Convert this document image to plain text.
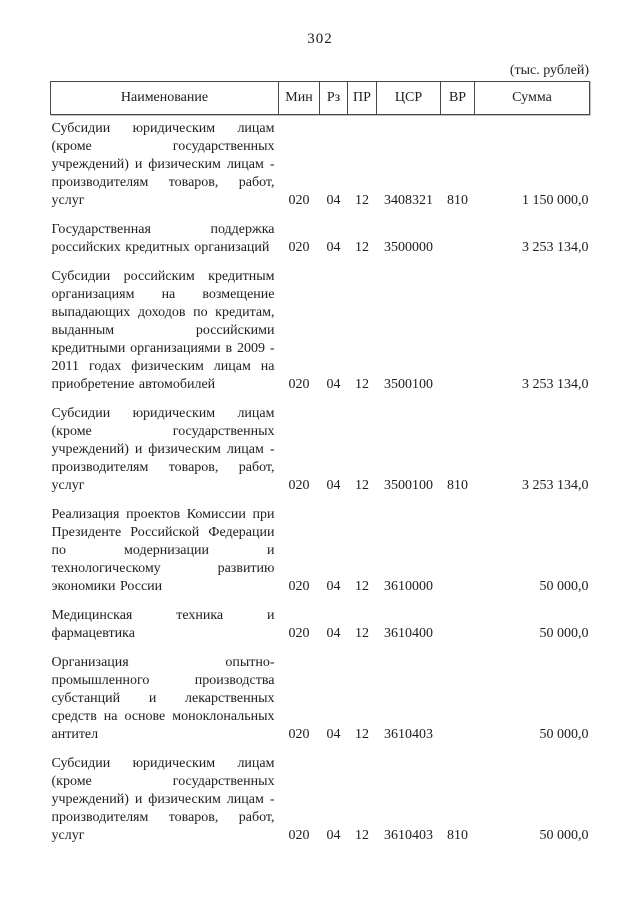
302
(тыс. рублей)
Наименование	Мин	Рз	ПР	ЦСР	ВР	Сумма
Субсидии юридическим лицам (кроме государственных учреждений) и физическим лицам - производителям товаров, работ, услуг	020	04	12	3408321	810	1 150 000,0
Государственная поддержка российских кредитных организаций	020	04	12	3500000		3 253 134,0
Субсидии российским кредитным организациям на возмещение выпадающих доходов по кредитам, выданным российскими кредитными организациями в 2009 - 2011 годах физическим лицам на приобретение автомобилей	020	04	12	3500100		3 253 134,0
Субсидии юридическим лицам (кроме государственных учреждений) и физическим лицам - производителям товаров, работ, услуг	020	04	12	3500100	810	3 253 134,0
Реализация проектов Комиссии при Президенте Российской Федерации по модернизации и технологическому развитию экономики России	020	04	12	3610000		50 000,0
Медицинская техника и фармацевтика	020	04	12	3610400		50 000,0
Организация опытно-промышленного производства субстанций и лекарственных средств на основе моноклональных антител	020	04	12	3610403		50 000,0
Субсидии юридическим лицам (кроме государственных учреждений) и физическим лицам - производителям товаров, работ, услуг	020	04	12	3610403	810	50 000,0
